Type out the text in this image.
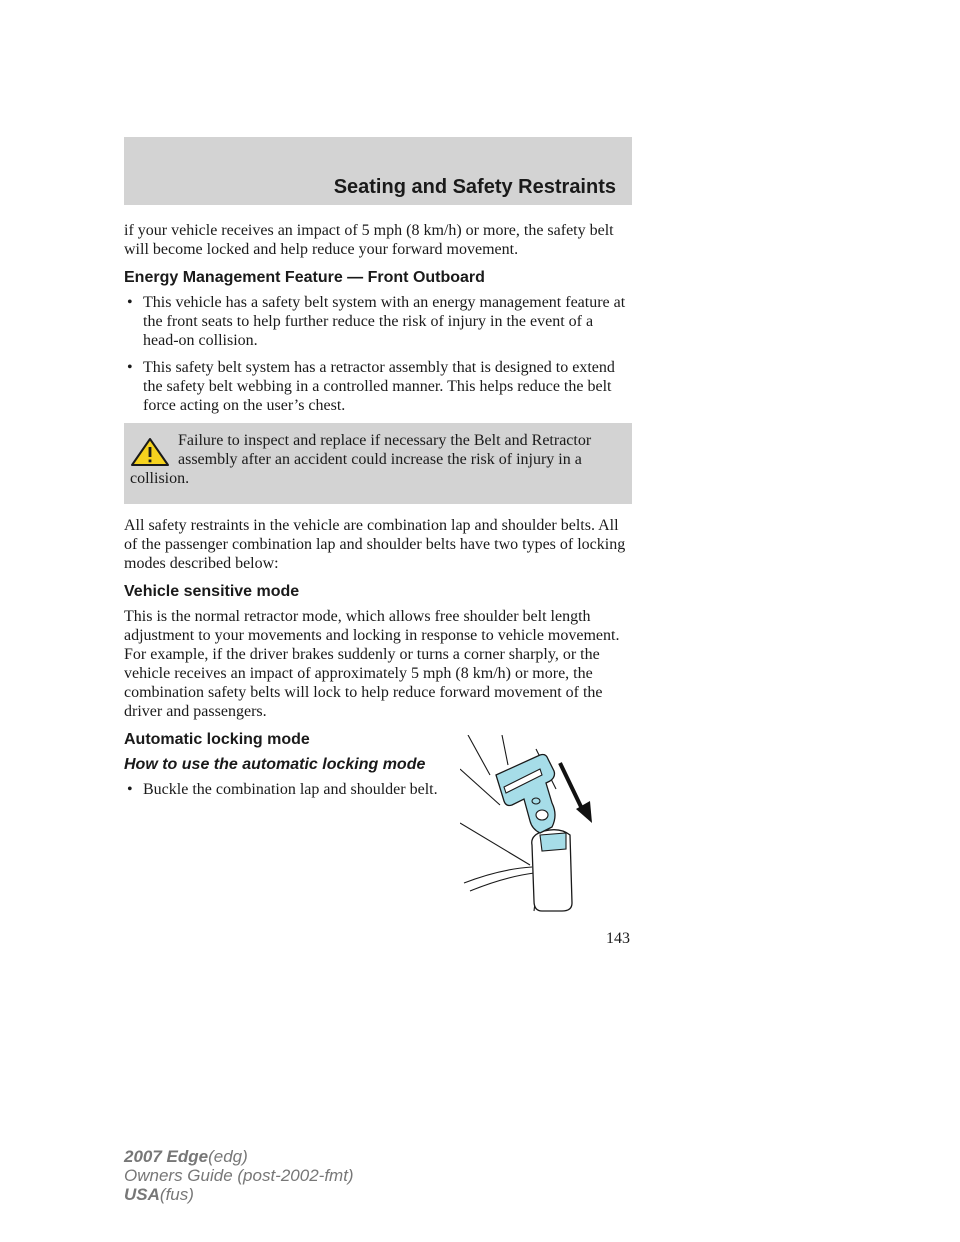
Seating and Safety Restraints

if your vehicle receives an impact of 5 mph (8 km/h) or more, the safety belt will become locked and help reduce your forward movement.

Energy Management Feature — Front Outboard
• This vehicle has a safety belt system with an energy management feature at the front seats to help further reduce the risk of injury in the event of a head-on collision.
• This safety belt system has a retractor assembly that is designed to extend the safety belt webbing in a controlled manner. This helps reduce the belt force acting on the user’s chest.

Failure to inspect and replace if necessary the Belt and Retractor assembly after an accident could increase the risk of injury in a collision.

All safety restraints in the vehicle are combination lap and shoulder belts. All of the passenger combination lap and shoulder belts have two types of locking modes described below:

Vehicle sensitive mode

This is the normal retractor mode, which allows free shoulder belt length adjustment to your movements and locking in response to vehicle movement. For example, if the driver brakes suddenly or turns a corner sharply, or the vehicle receives an impact of approximately 5 mph (8 km/h) or more, the combination safety belts will lock to help reduce forward movement of the driver and passengers.

Automatic locking mode
How to use the automatic locking mode
• Buckle the combination lap and shoulder belt.
143
2007 Edge(edg)
Owners Guide (post-2002-fmt)
USA(fus)
